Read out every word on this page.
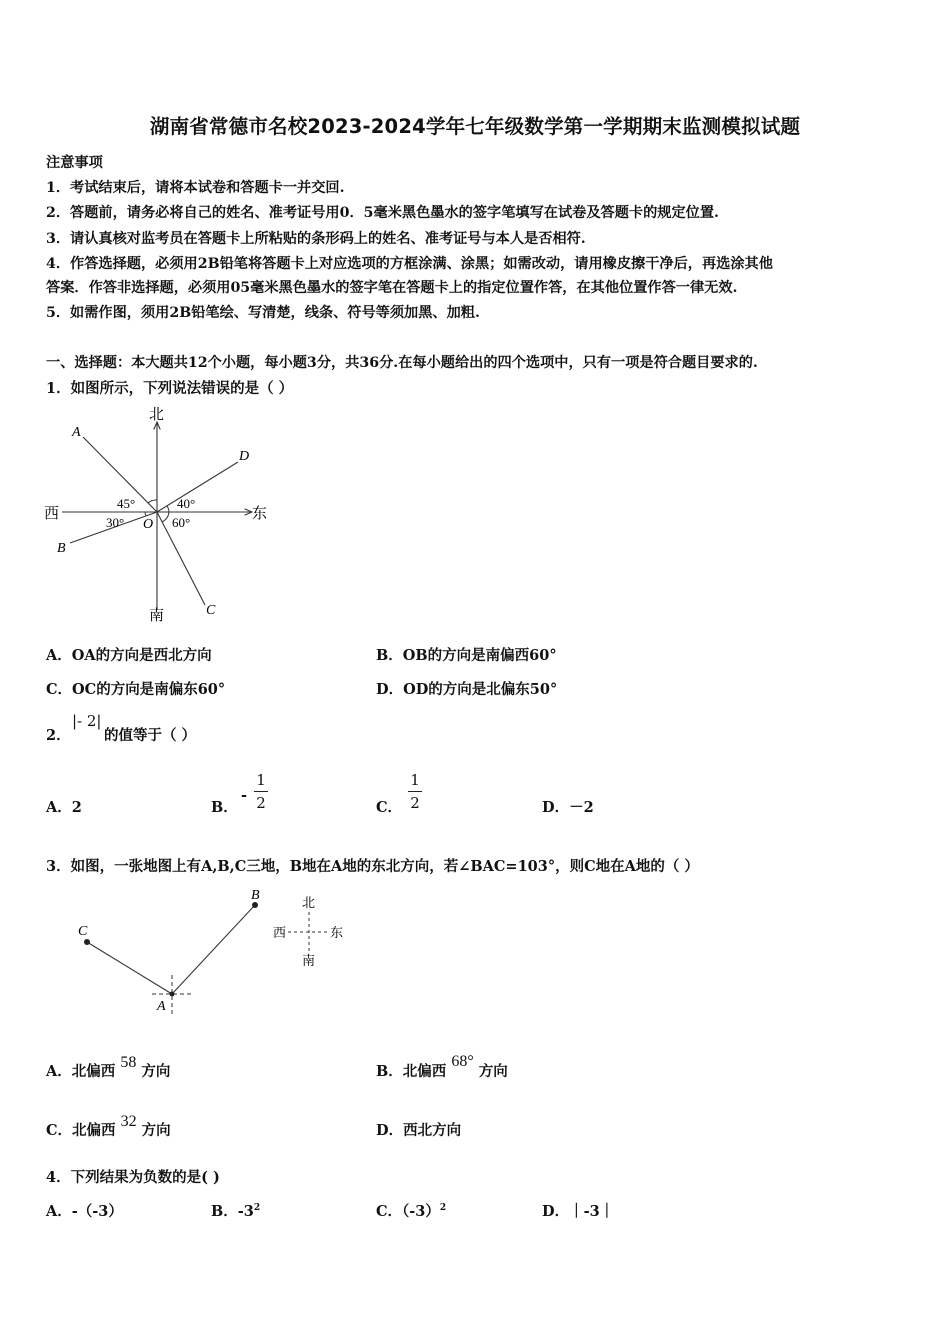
湖南省常德市名校2023-2024学年七年级数学第一学期期末监测模拟试题
注意事项
1．考试结束后，请将本试卷和答题卡一并交回.
2．答题前，请务必将自己的姓名、准考证号用0．5毫米黑色墨水的签字笔填写在试卷及答题卡的规定位置.
3．请认真核对监考员在答题卡上所粘贴的条形码上的姓名、准考证号与本人是否相符.
4．作答选择题，必须用2B铅笔将答题卡上对应选项的方框涂满、涂黑；如需改动，请用橡皮擦干净后，再选涂其他
答案．作答非选择题，必须用05毫米黑色墨水的签字笔在答题卡上的指定位置作答，在其他位置作答一律无效.
5．如需作图，须用2B铅笔绘、写清楚，线条、符号等须加黑、加粗.
一、选择题：本大题共12个小题，每小题3分，共36分.在每小题给出的四个选项中，只有一项是符合题目要求的.
1．如图所示，下列说法错误的是（ ）
北
南
西	东
A
D
B
C
O
45°	40°
30°	60°
A．OA的方向是西北方向	B．OB的方向是南偏西60°
C．OC的方向是南偏东60°	D．OD的方向是北偏东50°
2．
|- 2|
的值等于（ ）
A．2	B．
-
1
2	C．
1
2	D．－2
3．如图，一张地图上有A,B,C三地，B地在A地的东北方向，若∠BAC=103°，则C地在A地的（ ）
C
A
B	北
南
西	东
A．北偏西 58 方向	B．北偏西 68° 方向
C．北偏西 32 方向	D．西北方向
4．下列结果为负数的是( )
A．-（-3）	B．$-3^2$	C．$(-3)^2$	D．｜-3｜
